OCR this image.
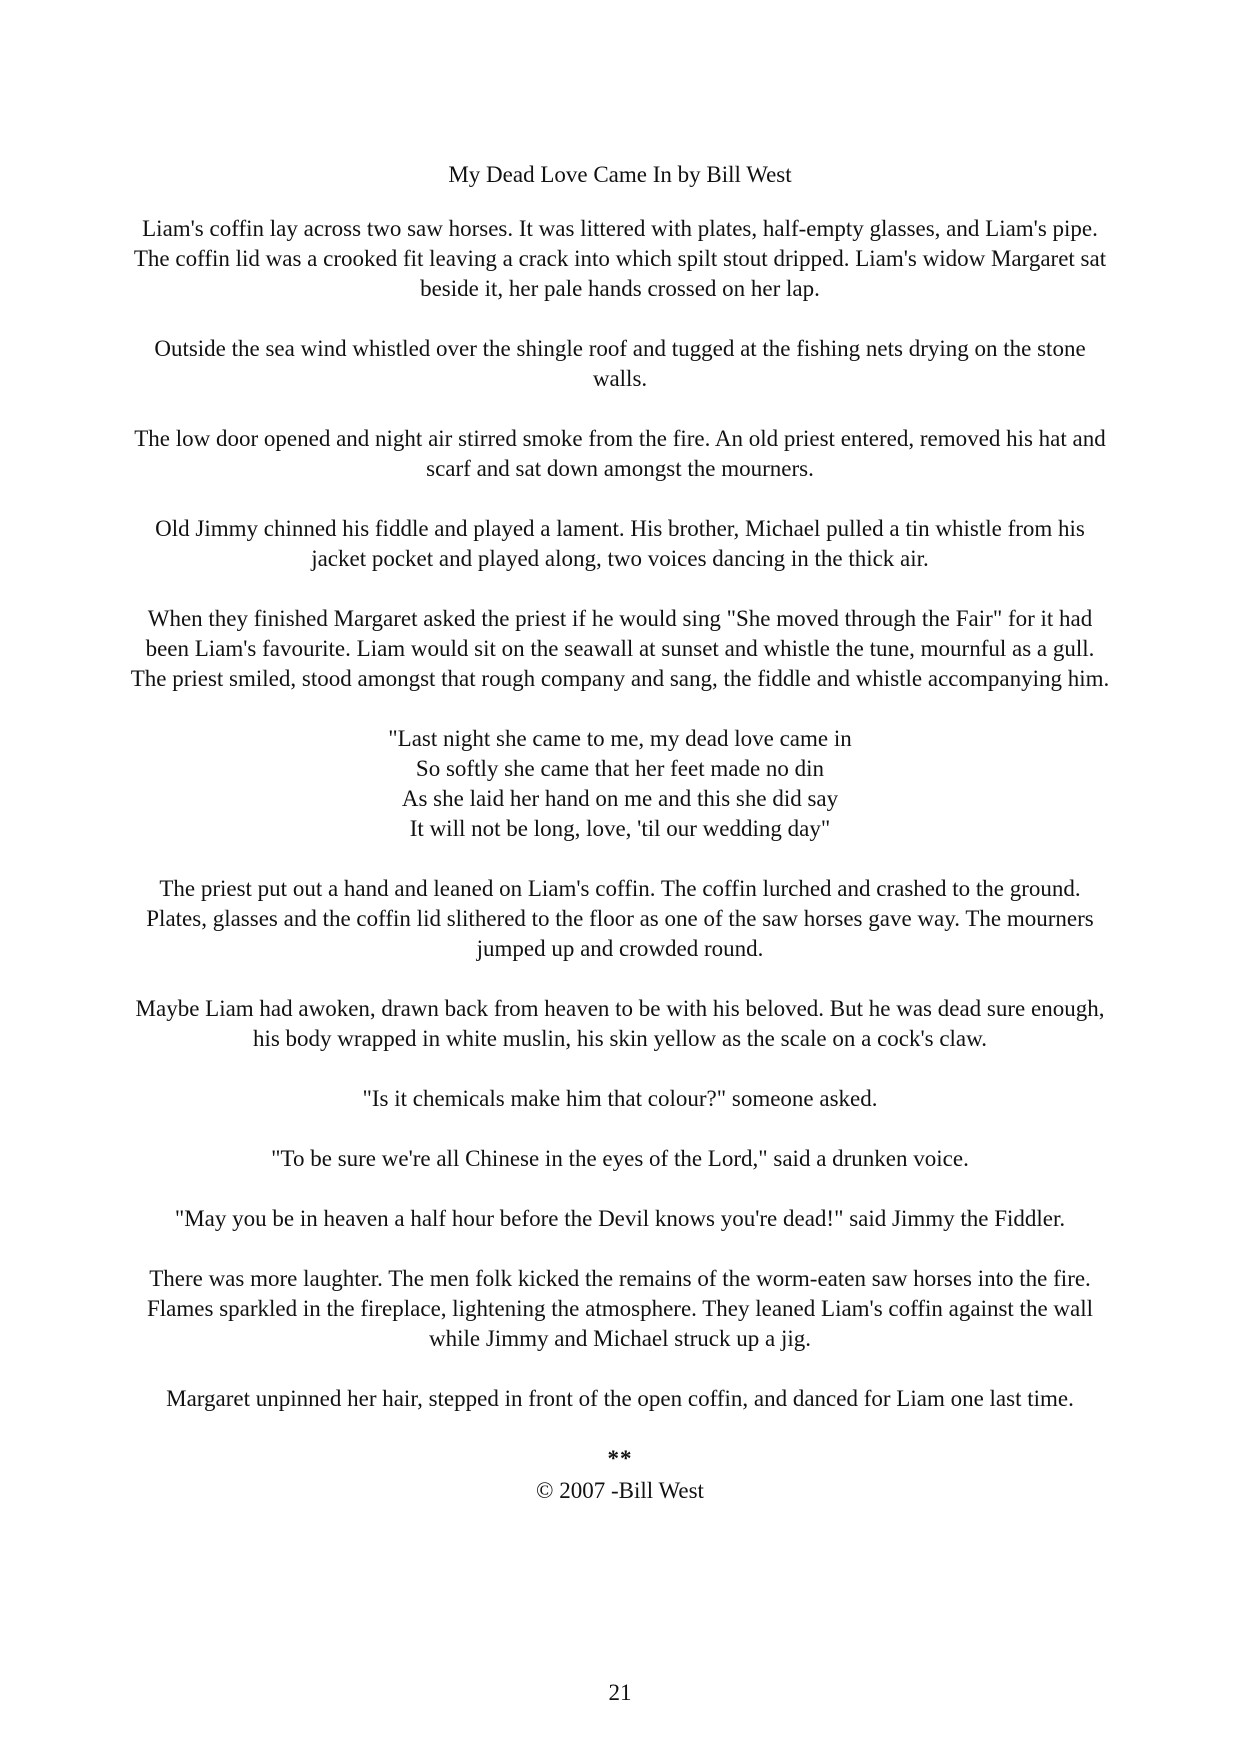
My Dead Love Came In by Bill West

Liam's coffin lay across two saw horses. It was littered with plates, half-empty glasses, and Liam's pipe. The coffin lid was a crooked fit leaving a crack into which spilt stout dripped. Liam's widow Margaret sat beside it, her pale hands crossed on her lap.

Outside the sea wind whistled over the shingle roof and tugged at the fishing nets drying on the stone walls.

The low door opened and night air stirred smoke from the fire. An old priest entered, removed his hat and scarf and sat down amongst the mourners.

Old Jimmy chinned his fiddle and played a lament. His brother, Michael pulled a tin whistle from his jacket pocket and played along, two voices dancing in the thick air.

When they finished Margaret asked the priest if he would sing "She moved through the Fair" for it had been Liam's favourite. Liam would sit on the seawall at sunset and whistle the tune, mournful as a gull. The priest smiled, stood amongst that rough company and sang, the fiddle and whistle accompanying him.

"Last night she came to me, my dead love came in
So softly she came that her feet made no din
As she laid her hand on me and this she did say
It will not be long, love, 'til our wedding day"

The priest put out a hand and leaned on Liam's coffin. The coffin lurched and crashed to the ground. Plates, glasses and the coffin lid slithered to the floor as one of the saw horses gave way. The mourners jumped up and crowded round.

Maybe Liam had awoken, drawn back from heaven to be with his beloved. But he was dead sure enough, his body wrapped in white muslin, his skin yellow as the scale on a cock's claw.

"Is it chemicals make him that colour?" someone asked.

"To be sure we're all Chinese in the eyes of the Lord," said a drunken voice.

"May you be in heaven a half hour before the Devil knows you're dead!" said Jimmy the Fiddler.

There was more laughter. The men folk kicked the remains of the worm-eaten saw horses into the fire. Flames sparkled in the fireplace, lightening the atmosphere. They leaned Liam's coffin against the wall while Jimmy and Michael struck up a jig.

Margaret unpinned her hair, stepped in front of the open coffin, and danced for Liam one last time.

**

© 2007 -Bill West

21
